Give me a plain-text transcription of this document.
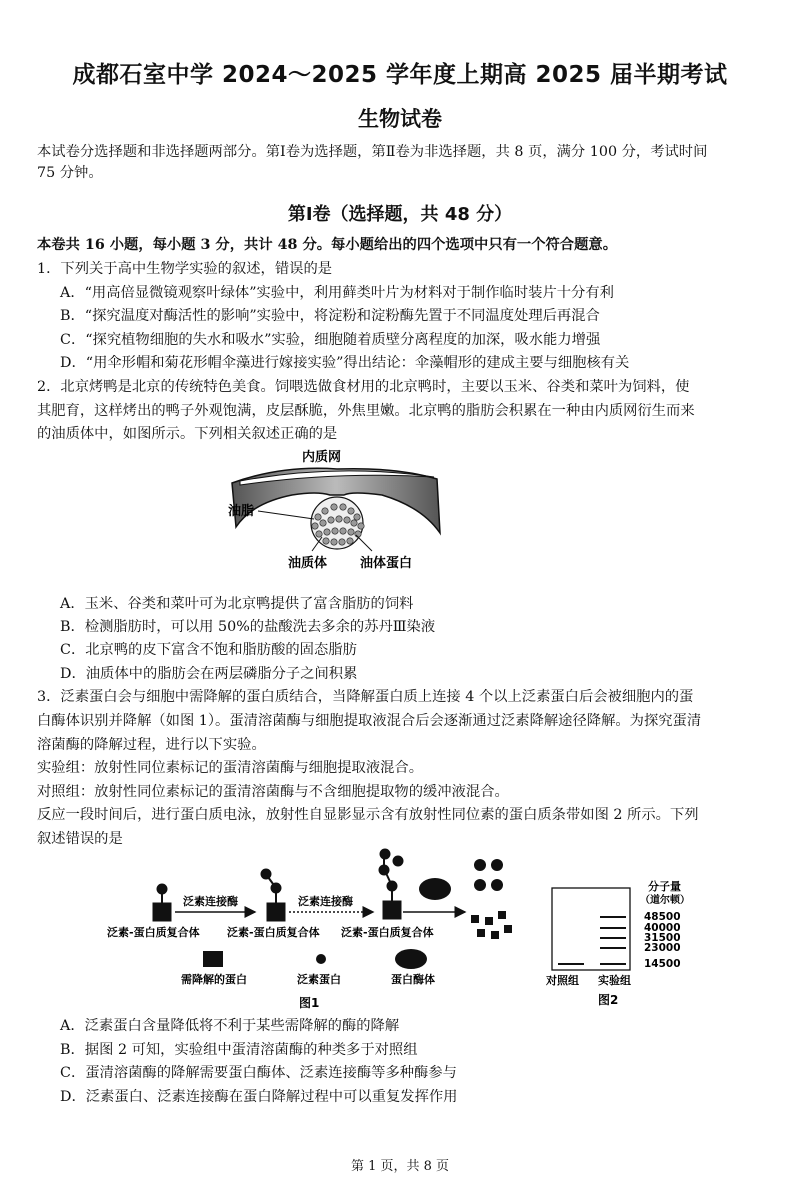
成都石室中学 2024～2025 学年度上期高 2025 届半期考试
生物试卷
本试卷分选择题和非选择题两部分。第Ⅰ卷为选择题，第Ⅱ卷为非选择题，共 8 页，满分 100 分，考试时间
75 分钟。
第Ⅰ卷（选择题，共 48 分）
本卷共 16 小题，每小题 3 分，共计 48 分。每小题给出的四个选项中只有一个符合题意。
1．下列关于高中生物学实验的叙述，错误的是
A．“用高倍显微镜观察叶绿体”实验中，利用藓类叶片为材料对于制作临时装片十分有利
B．“探究温度对酶活性的影响”实验中，将淀粉和淀粉酶先置于不同温度处理后再混合
C．“探究植物细胞的失水和吸水”实验，细胞随着质壁分离程度的加深，吸水能力增强
D．“用伞形帽和菊花形帽伞藻进行嫁接实验”得出结论：伞藻帽形的建成主要与细胞核有关
2．北京烤鸭是北京的传统特色美食。饲喂选做食材用的北京鸭时，主要以玉米、谷类和菜叶为饲料，使
其肥育，这样烤出的鸭子外观饱满，皮层酥脆，外焦里嫩。北京鸭的脂肪会积累在一种由内质网衍生而来
的油质体中，如图所示。下列相关叙述正确的是
内质网
油脂
油质体	油体蛋白
A．玉米、谷类和菜叶可为北京鸭提供了富含脂肪的饲料
B．检测脂肪时，可以用 50%的盐酸洗去多余的苏丹Ⅲ染液
C．北京鸭的皮下富含不饱和脂肪酸的固态脂肪
D．油质体中的脂肪会在两层磷脂分子之间积累
3．泛素蛋白会与细胞中需降解的蛋白质结合，当降解蛋白质上连接 4 个以上泛素蛋白后会被细胞内的蛋
白酶体识别并降解（如图 1）。蛋清溶菌酶与细胞提取液混合后会逐渐通过泛素降解途径降解。为探究蛋清
溶菌酶的降解过程，进行以下实验。
实验组：放射性同位素标记的蛋清溶菌酶与细胞提取液混合。
对照组：放射性同位素标记的蛋清溶菌酶与不含细胞提取物的缓冲液混合。
反应一段时间后，进行蛋白质电泳，放射性自显影显示含有放射性同位素的蛋白质条带如图 2 所示。下列
叙述错误的是
泛素连接酶	泛素连接酶
泛素-蛋白质复合体 泛素-蛋白质复合体 泛素-蛋白质复合体
需降解的蛋白	泛素蛋白	蛋白酶体
图1
分子量
（道尔顿）
48500
40000
31500
23000
14500
对照组 实验组
图2
A．泛素蛋白含量降低将不利于某些需降解的酶的降解
B．据图 2 可知，实验组中蛋清溶菌酶的种类多于对照组
C．蛋清溶菌酶的降解需要蛋白酶体、泛素连接酶等多种酶参与
D．泛素蛋白、泛素连接酶在蛋白降解过程中可以重复发挥作用
第 1 页，共 8 页
